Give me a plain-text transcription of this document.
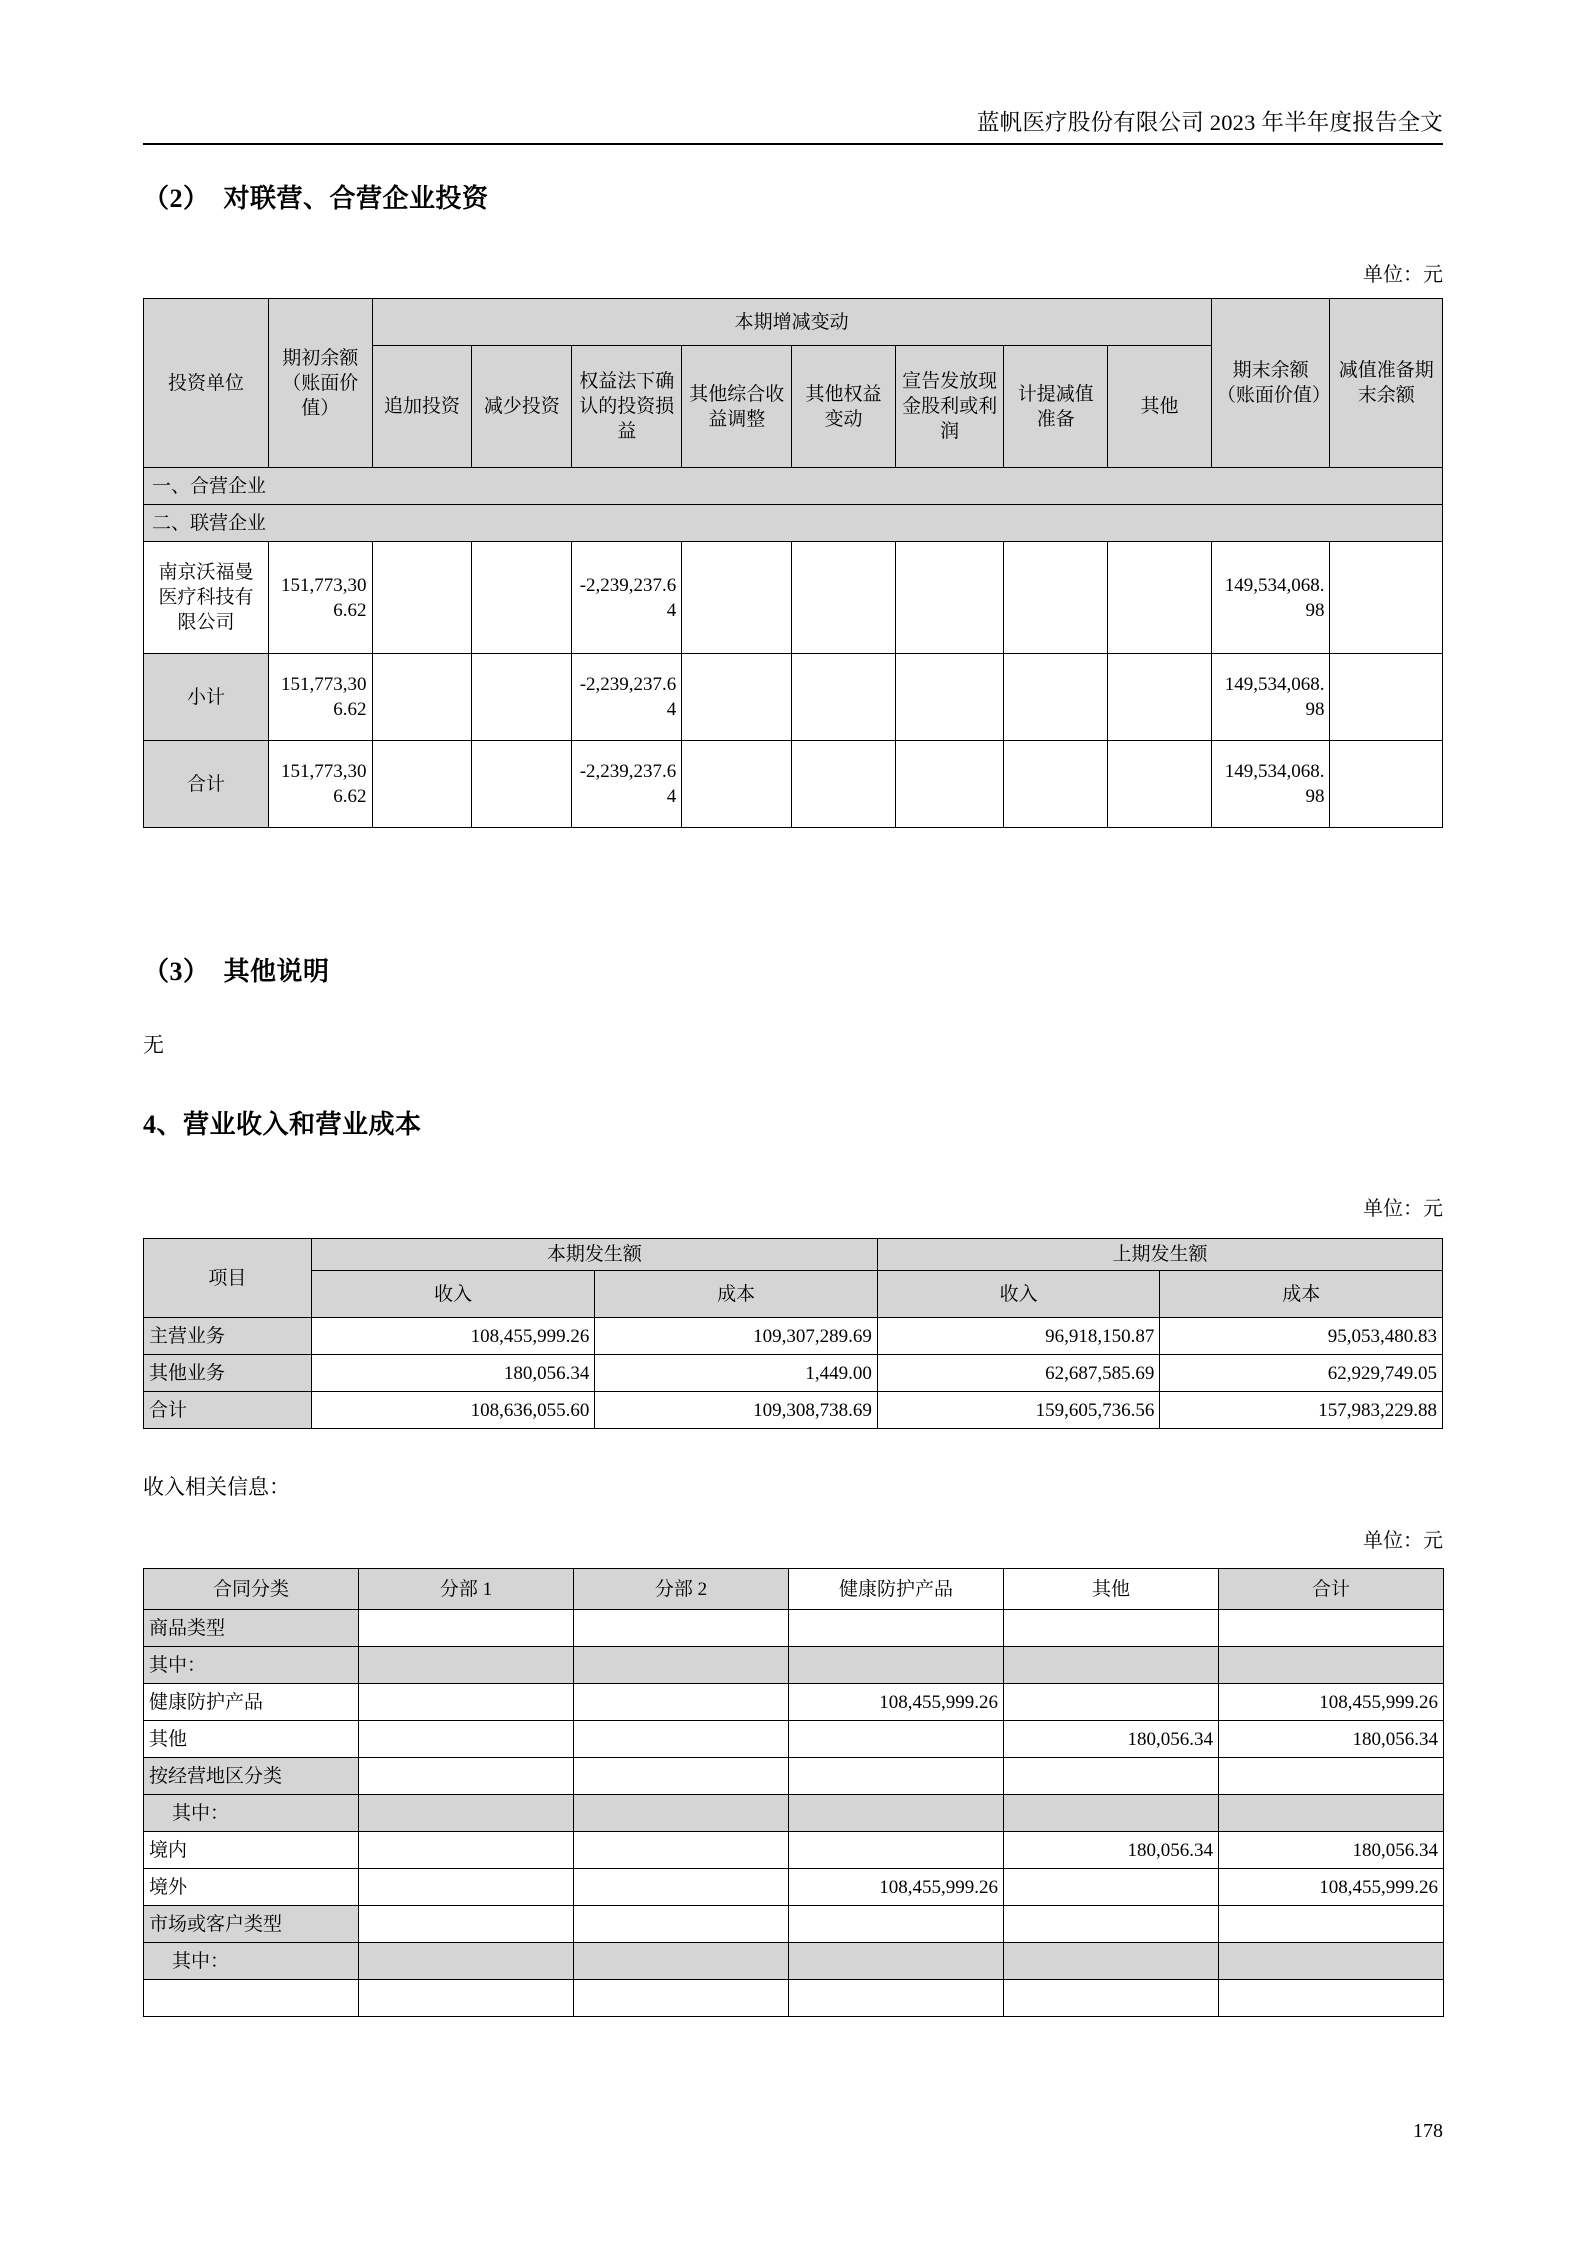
蓝帆医疗股份有限公司 2023 年半年度报告全文
（2）  对联营、合营企业投资
单位：元
投资单位	期初余额（账面价值）	本期增减变动								期末余额（账面价值）	减值准备期末余额
		追加投资	减少投资	权益法下确认的投资损益	其他综合收益调整	其他权益变动	宣告发放现金股利或利润	计提减值准备	其他		
一、合营企业											
二、联营企业											
南京沃福曼医疗科技有限公司	151,773,306.62			-2,239,237.64						149,534,068.98	
小计	151,773,306.62			-2,239,237.64						149,534,068.98	
合计	151,773,306.62			-2,239,237.64						149,534,068.98	
（3）  其他说明

无

4、营业收入和营业成本
单位：元
项目	本期发生额		上期发生额	
	收入	成本	收入	成本
主营业务	108,455,999.26	109,307,289.69	96,918,150.87	95,053,480.83
其他业务	180,056.34	1,449.00	62,687,585.69	62,929,749.05
合计	108,636,055.60	109,308,738.69	159,605,736.56	157,983,229.88

收入相关信息：

单位：元
合同分类	分部 1	分部 2	健康防护产品	其他	合计
商品类型					
其中：					
健康防护产品			108,455,999.26		108,455,999.26
其他				180,056.34	180,056.34
按经营地区分类					
其中：					
境内				180,056.34	180,056.34
境外			108,455,999.26		108,455,999.26
市场或客户类型					
其中：					

178
